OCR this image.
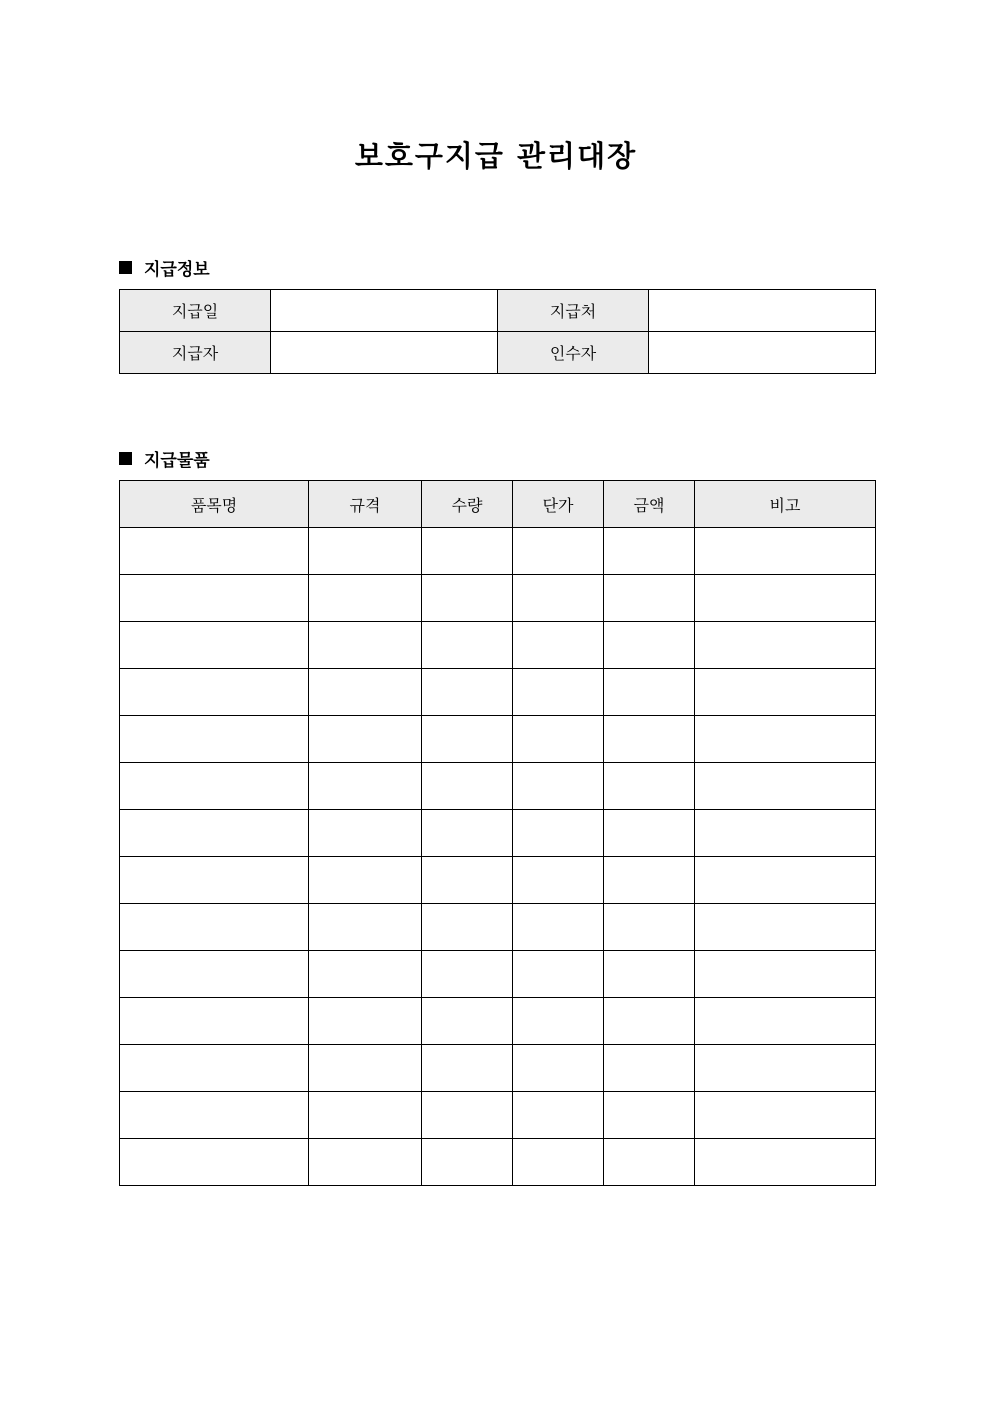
보호구지급 관리대장
지급정보
지급일		지급처	
지급자		인수자	
지급물품
품목명	규격	수량	단가	금액	비고
